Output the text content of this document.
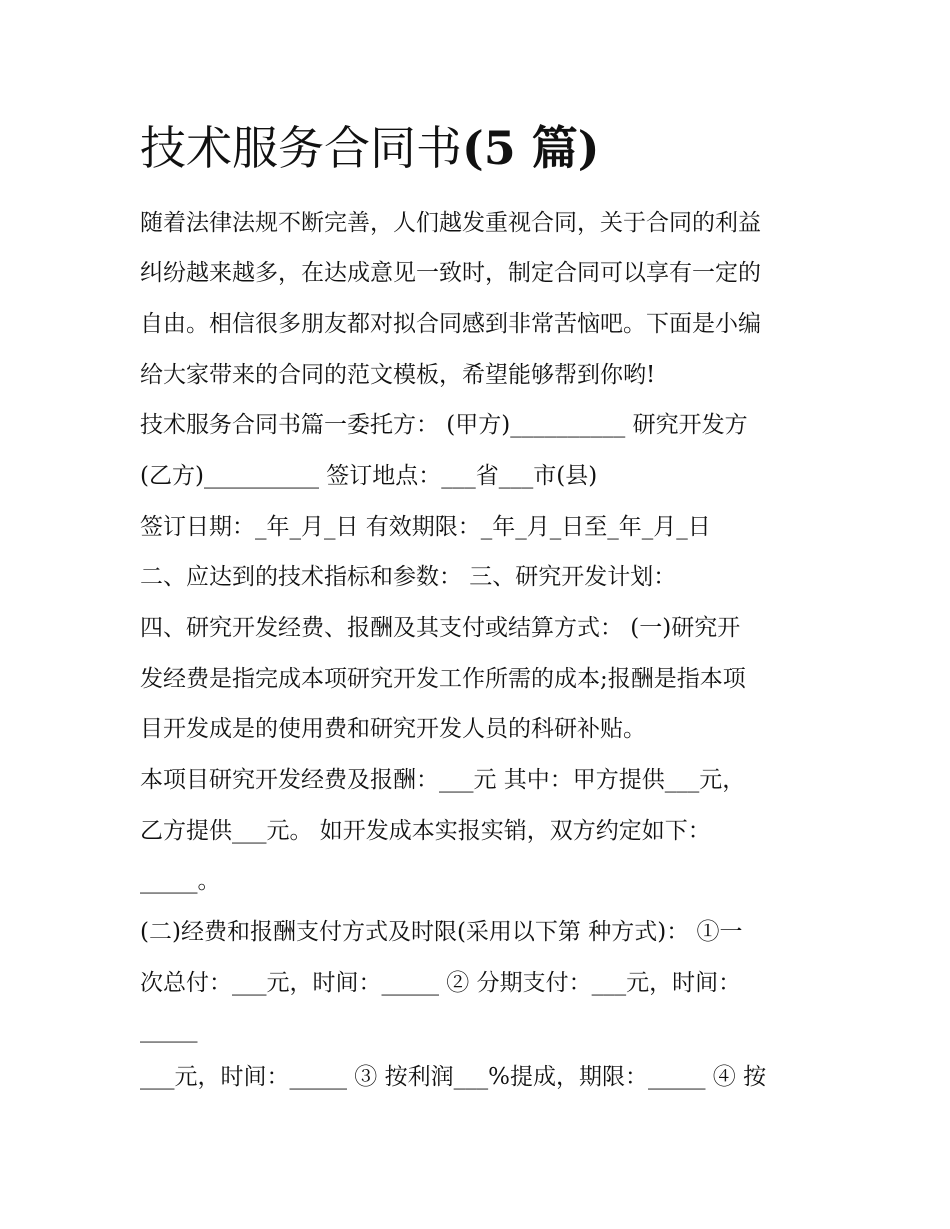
技术服务合同书(5 篇)

随着法律法规不断完善，人们越发重视合同，关于合同的利益

纠纷越来越多，在达成意见一致时，制定合同可以享有一定的

自由。相信很多朋友都对拟合同感到非常苦恼吧。下面是小编

给大家带来的合同的范文模板，希望能够帮到你哟!

技术服务合同书篇一委托方： (甲方)__________ 研究开发方

(乙方)__________ 签订地点：___省___市(县)

签订日期：_年_月_日 有效期限：_年_月_日至_年_月_日

二、应达到的技术指标和参数： 三、研究开发计划：

四、研究开发经费、报酬及其支付或结算方式： (一)研究开

发经费是指完成本项研究开发工作所需的成本;报酬是指本项

目开发成是的使用费和研究开发人员的科研补贴。

本项目研究开发经费及报酬：___元 其中：甲方提供___元，

乙方提供___元。 如开发成本实报实销，双方约定如下：

_____。

(二)经费和报酬支付方式及时限(采用以下第 种方式)： ①一

次总付：___元，时间：_____ ② 分期支付：___元，时间：

_____

___元，时间：_____ ③ 按利润___%提成，期限：_____ ④ 按
